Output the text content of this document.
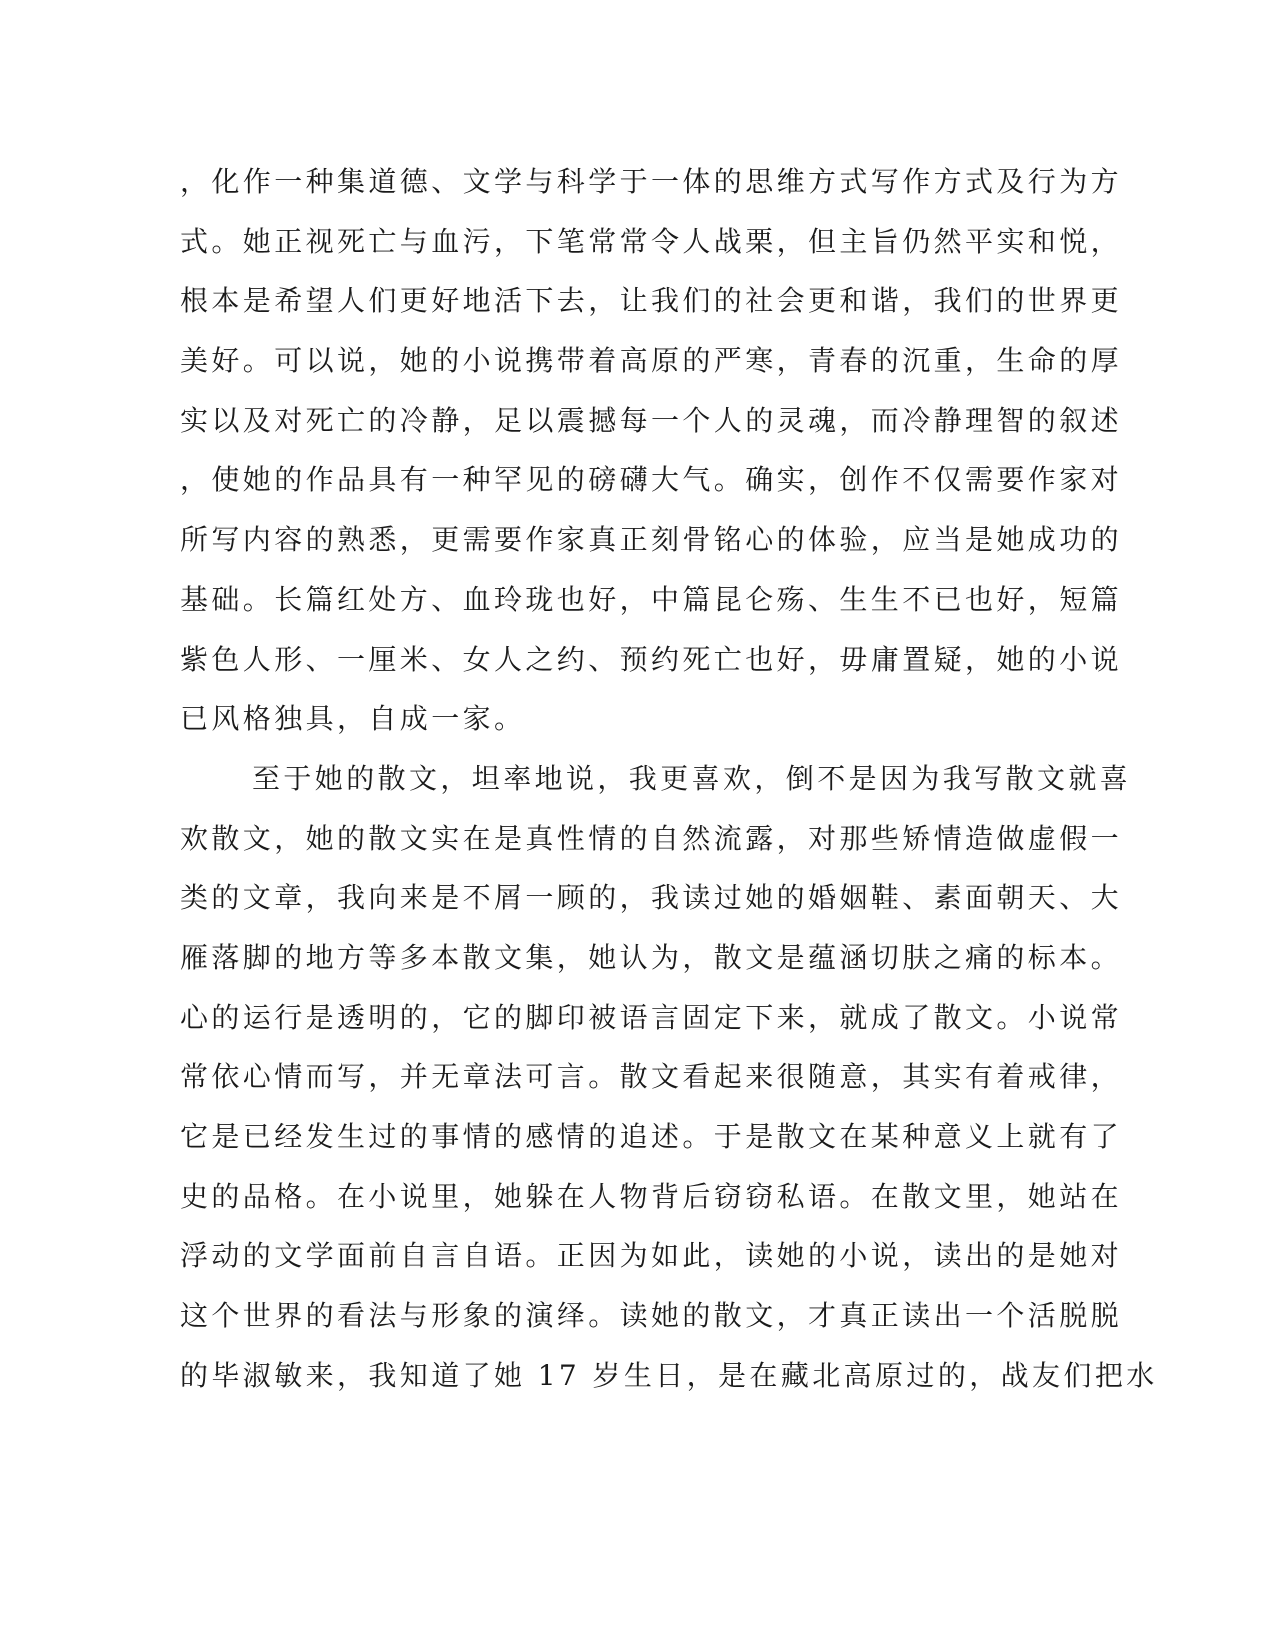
，化作一种集道德、文学与科学于一体的思维方式写作方式及行为方
式。她正视死亡与血污，下笔常常令人战栗，但主旨仍然平实和悦，
根本是希望人们更好地活下去，让我们的社会更和谐，我们的世界更
美好。可以说，她的小说携带着高原的严寒，青春的沉重，生命的厚
实以及对死亡的冷静，足以震撼每一个人的灵魂，而冷静理智的叙述
，使她的作品具有一种罕见的磅礴大气。确实，创作不仅需要作家对
所写内容的熟悉，更需要作家真正刻骨铭心的体验，应当是她成功的
基础。长篇红处方、血玲珑也好，中篇昆仑殇、生生不已也好，短篇
紫色人形、一厘米、女人之约、预约死亡也好，毋庸置疑，她的小说
已风格独具，自成一家。
至于她的散文，坦率地说，我更喜欢，倒不是因为我写散文就喜
欢散文，她的散文实在是真性情的自然流露，对那些矫情造做虚假一
类的文章，我向来是不屑一顾的，我读过她的婚姻鞋、素面朝天、大
雁落脚的地方等多本散文集，她认为，散文是蕴涵切肤之痛的标本。
心的运行是透明的，它的脚印被语言固定下来，就成了散文。小说常
常依心情而写，并无章法可言。散文看起来很随意，其实有着戒律，
它是已经发生过的事情的感情的追述。于是散文在某种意义上就有了
史的品格。在小说里，她躲在人物背后窃窃私语。在散文里，她站在
浮动的文学面前自言自语。正因为如此，读她的小说，读出的是她对
这个世界的看法与形象的演绎。读她的散文，才真正读出一个活脱脱
的毕淑敏来，我知道了她 17 岁生日，是在藏北高原过的，战友们把水
